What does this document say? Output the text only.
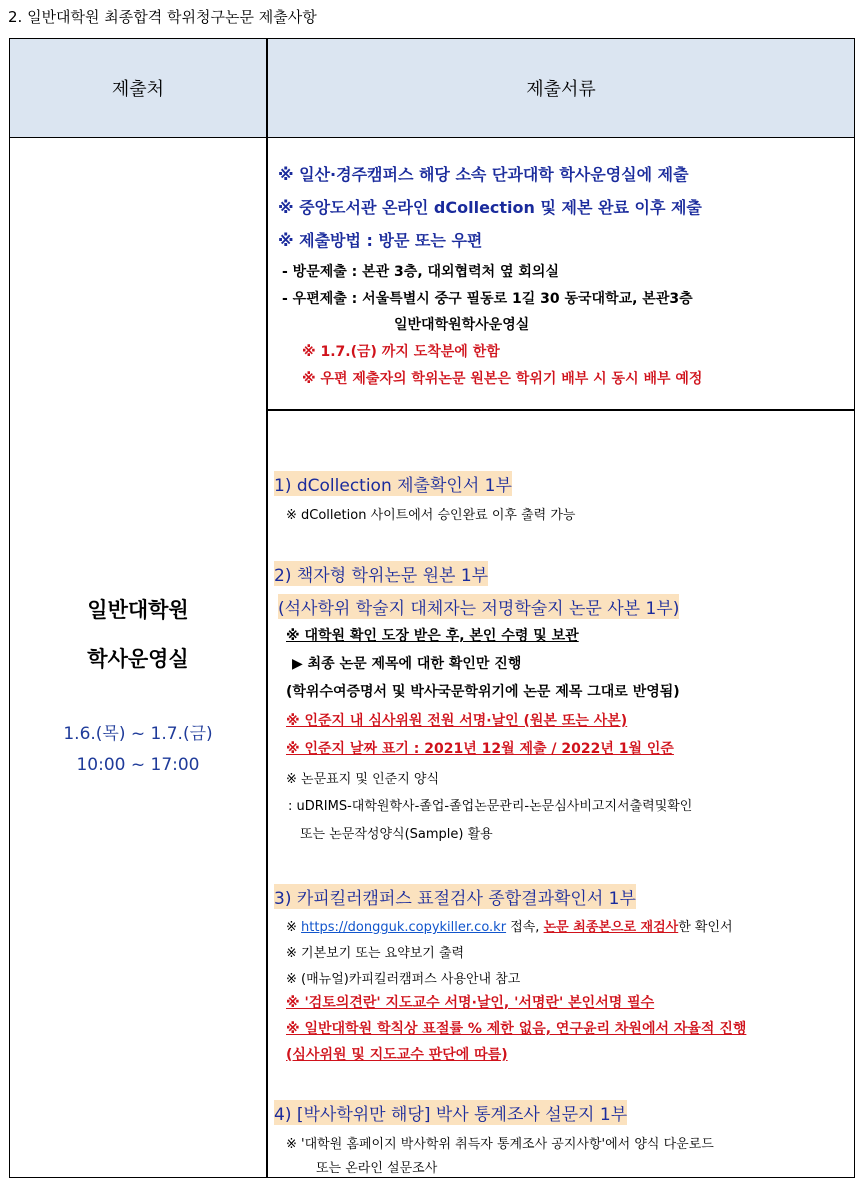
2. 일반대학원 최종합격 학위청구논문 제출사항
제출처	제출서류
일반대학원
학사운영실
1.6.(목) ~ 1.7.(금)
10:00 ~ 17:00
※ 일산·경주캠퍼스 해당 소속 단과대학 학사운영실에 제출
※ 중앙도서관 온라인 dCollection 및 제본 완료 이후 제출
※ 제출방법 : 방문 또는 우편
- 방문제출 : 본관 3층, 대외협력처 옆 회의실
- 우편제출 : 서울특별시 중구 필동로 1길 30 동국대학교, 본관3층
일반대학원학사운영실
※ 1.7.(금) 까지 도착분에 한함
※ 우편 제출자의 학위논문 원본은 학위기 배부 시 동시 배부 예정
1) dCollection 제출확인서 1부
※ dColletion 사이트에서 승인완료 이후 출력 가능
2) 책자형 학위논문 원본 1부
(석사학위 학술지 대체자는 저명학술지 논문 사본 1부)
※ 대학원 확인 도장 받은 후, 본인 수령 및 보관
▶ 최종 논문 제목에 대한 확인만 진행
(학위수여증명서 및 박사국문학위기에 논문 제목 그대로 반영됨)
※ 인준지 내 심사위원 전원 서명·날인 (원본 또는 사본)
※ 인준지 날짜 표기 : 2021년 12월 제출 / 2022년 1월 인준
※ 논문표지 및 인준지 양식
: uDRIMS-대학원학사-졸업-졸업논문관리-논문심사비고지서출력및확인
또는 논문작성양식(Sample) 활용
3) 카피킬러캠퍼스 표절검사 종합결과확인서 1부
※ https://dongguk.copykiller.co.kr 접속, 논문 최종본으로 재검사한 확인서
※ 기본보기 또는 요약보기 출력
※ (매뉴얼)카피킬러캠퍼스 사용안내 참고
※ '검토의견란' 지도교수 서명·날인, '서명란' 본인서명 필수
※ 일반대학원 학칙상 표절률 % 제한 없음, 연구윤리 차원에서 자율적 진행
(심사위원 및 지도교수 판단에 따름)
4) [박사학위만 해당] 박사 통계조사 설문지 1부
※ '대학원 홈페이지 박사학위 취득자 통계조사 공지사항'에서 양식 다운로드
또는 온라인 설문조사
